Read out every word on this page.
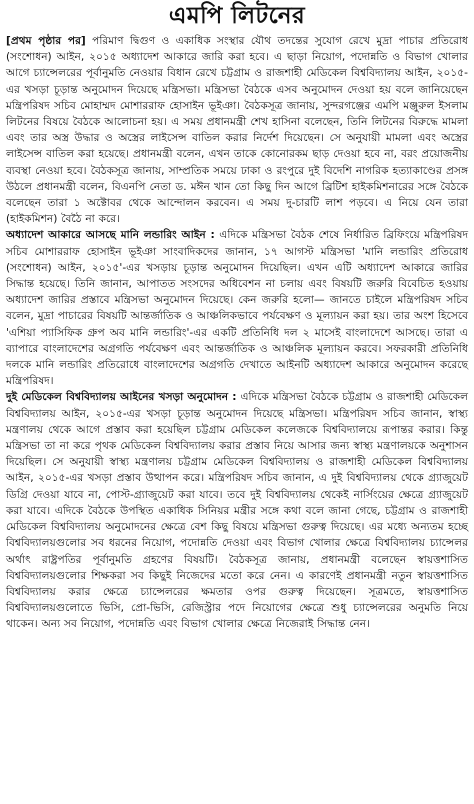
এমপি লিটনের

[প্রথম পৃষ্ঠার পর] পরিমাণ দ্বিগুণ ও একাধিক সংস্থার যৌথ তদন্তের সুযোগ রেখে মুদ্রা পাচার প্রতিরোধ (সংশোধন) আইন, ২০১৫ অধ্যাদেশ আকারে জারি করা হবে। এ ছাড়া নিয়োগ, পদোন্নতি ও বিভাগ খোলার আগে চ্যান্সেলরের পূর্বানুমতি নেওয়ার বিধান রেখে চট্টগ্রাম ও রাজশাহী মেডিকেল বিশ্ববিদ্যালয় আইন, ২০১৫-এর খসড়া চূড়ান্ত অনুমোদন দিয়েছে মন্ত্রিসভা। মন্ত্রিসভা বৈঠকে এসব অনুমোদন দেওয়া হয় বলে জানিয়েছেন মন্ত্রিপরিষদ সচিব মোহাম্মদ মোশাররাফ হোসাইন ভূইঞা। বৈঠকসূত্র জানায়, সুন্দরগঞ্জের এমপি মঞ্জুরুল ইসলাম লিটনের বিষয়ে বৈঠকে আলোচনা হয়। এ সময় প্রধানমন্ত্রী শেখ হাসিনা বলেছেন, তিনি লিটনের বিরুদ্ধে মামলা এবং তার অস্ত্র উদ্ধার ও অস্ত্রের লাইসেন্স বাতিল করার নির্দেশ দিয়েছেন। সে অনুযায়ী মামলা এবং অস্ত্রের লাইসেন্স বাতিল করা হয়েছে। প্রধানমন্ত্রী বলেন, এখন তাকে কোনোরকম ছাড় দেওয়া হবে না, বরং প্রয়োজনীয় ব্যবস্থা নেওয়া হবে। বৈঠকসূত্র জানায়, সাম্প্রতিক সময়ে ঢাকা ও রংপুরে দুই বিদেশি নাগরিক হত্যাকাণ্ডের প্রসঙ্গ উঠলে প্রধানমন্ত্রী বলেন, বিএনপি নেতা ড. মঈন খান তো কিছু দিন আগে ব্রিটিশ হাইকমিশনারের সঙ্গে বৈঠকে বলেছেন তারা ১ অক্টোবর থেকে আন্দোলন করবেন। এ সময় দু-চারটি লাশ পড়বে। এ নিয়ে যেন তারা (হাইকমিশন) বৈঠৈ না করে।

অধ্যাদেশ আকারে আসছে মানি লন্ডারিং আইন : এদিকে মন্ত্রিসভা বৈঠক শেষে নির্ধারিত ব্রিফিংয়ে মন্ত্রিপরিষদ সচিব মোশাররাফ হোসাইন ভূইঞা সাংবাদিকদের জানান, ১৭ আগস্ট মন্ত্রিসভা 'মানি লন্ডারিং প্রতিরোধ (সংশোধন) আইন, ২০১৫'-এর খসড়ায় চূড়ান্ত অনুমোদন দিয়েছিল। এখন এটি অধ্যাদেশ আকারে জারির সিদ্ধান্ত হয়েছে। তিনি জানান, আপাতত সংসদের অধিবেশন না চলায় এবং বিষয়টি জরুরি বিবেচিত হওয়ায় অধ্যাদেশ জারির প্রস্তাবে মন্ত্রিসভা অনুমোদন দিয়েছে। কেন জরুরি হলো— জানতে চাইলে মন্ত্রিপরিষদ সচিব বলেন, মুদ্রা পাচারের বিষয়টি আন্তর্জাতিক ও আঞ্চলিকভাবে পর্যবেক্ষণ ও মূল্যায়ন করা হয়। তার অংশ হিসেবে 'এশিয়া প্যাসিফিক গ্রুপ অব মানি লন্ডারিং'-এর একটি প্রতিনিধি দল ২ মাসেই বাংলাদেশে আসছে। তারা এ ব্যাপারে বাংলাদেশের অগ্রগতি পর্যবেক্ষণ এবং আন্তর্জাতিক ও আঞ্চলিক মূল্যায়ন করবে। সফরকারী প্রতিনিধি দলকে মানি লন্ডারিং প্রতিরোধে বাংলাদেশের অগ্রগতি দেখাতে আইনটি অধ্যাদেশ আকারে অনুমোদন করেছে মন্ত্রিপরিষদ।

দুই মেডিকেল বিশ্ববিদ্যালয় আইনের খসড়া অনুমোদন : এদিকে মন্ত্রিসভা বৈঠকে চট্টগ্রাম ও রাজশাহী মেডিকেল বিশ্ববিদ্যালয় আইন, ২০১৫-এর খসড়া চূড়ান্ত অনুমোদন দিয়েছে মন্ত্রিসভা। মন্ত্রিপরিষদ সচিব জানান, স্বাস্থ্য মন্ত্রণালয় থেকে আগে প্রস্তাব করা হয়েছিল চট্টগ্রাম মেডিকেল কলেজকে বিশ্ববিদ্যালয়ে রূপান্তর করার। কিন্তু মন্ত্রিসভা তা না করে পৃথক মেডিকেল বিশ্ববিদ্যালয় করার প্রস্তাব নিয়ে আসার জন্য স্বাস্থ্য মন্ত্রণালয়কে অনুশাসন দিয়েছিল। সে অনুযায়ী স্বাস্থ্য মন্ত্রণালয় চট্টগ্রাম মেডিকেল বিশ্ববিদ্যালয় ও রাজশাহী মেডিকেল বিশ্ববিদ্যালয় আইন, ২০১৫-এর খসড়া প্রস্তাব উত্থাপন করে। মন্ত্রিপরিষদ সচিব জানান, এ দুই বিশ্ববিদ্যালয় থেকে গ্র্যাজুয়েট ডিগ্রি দেওয়া যাবে না, পোস্ট-গ্র্যাজুয়েট করা যাবে। তবে দুই বিশ্ববিদ্যালয় থেকেই নার্সিংয়ের ক্ষেত্রে গ্র্যাজুয়েট করা যাবে। এদিকে বৈঠকে উপস্থিত একাধিক সিনিয়র মন্ত্রীর সঙ্গে কথা বলে জানা গেছে, চট্টগ্রাম ও রাজশাহী মেডিকেল বিশ্ববিদ্যালয় অনুমোদনের ক্ষেত্রে বেশ কিছু বিষয়ে মন্ত্রিসভা গুরুত্ব দিয়েছে। এর মধ্যে অন্যতম হচ্ছে বিশ্ববিদ্যালয়গুলোর সব ধরনের নিয়োগ, পদোন্নতি দেওয়া এবং বিভাগ খোলার ক্ষেত্রে বিশ্ববিদ্যালয় চ্যান্সেলর অর্থাৎ রাষ্ট্রপতির পূর্বানুমতি গ্রহণের বিষয়টি। বৈঠকসূত্র জানায়, প্রধানমন্ত্রী বলেছেন স্বায়ত্তশাসিত বিশ্ববিদ্যালয়গুলোর শিক্ষকরা সব কিছুই নিজেদের মতো করে নেন। এ কারণেই প্রধানমন্ত্রী নতুন স্বায়ত্তশাসিত বিশ্ববিদ্যালয় করার ক্ষেত্রে চ্যান্সেলরের ক্ষমতার ওপর গুরুত্ব দিয়েছেন। সূত্রমতে, স্বায়ত্তশাসিত বিশ্ববিদ্যালয়গুলোতে ভিসি, প্রো-ভিসি, রেজিস্ট্রার পদে নিয়োগের ক্ষেত্রে শুধু চ্যান্সেলরের অনুমতি নিয়ে থাকেন। অন্য সব নিয়োগ, পদোন্নতি এবং বিভাগ খোলার ক্ষেত্রে নিজেরাই সিদ্ধান্ত নেন।
